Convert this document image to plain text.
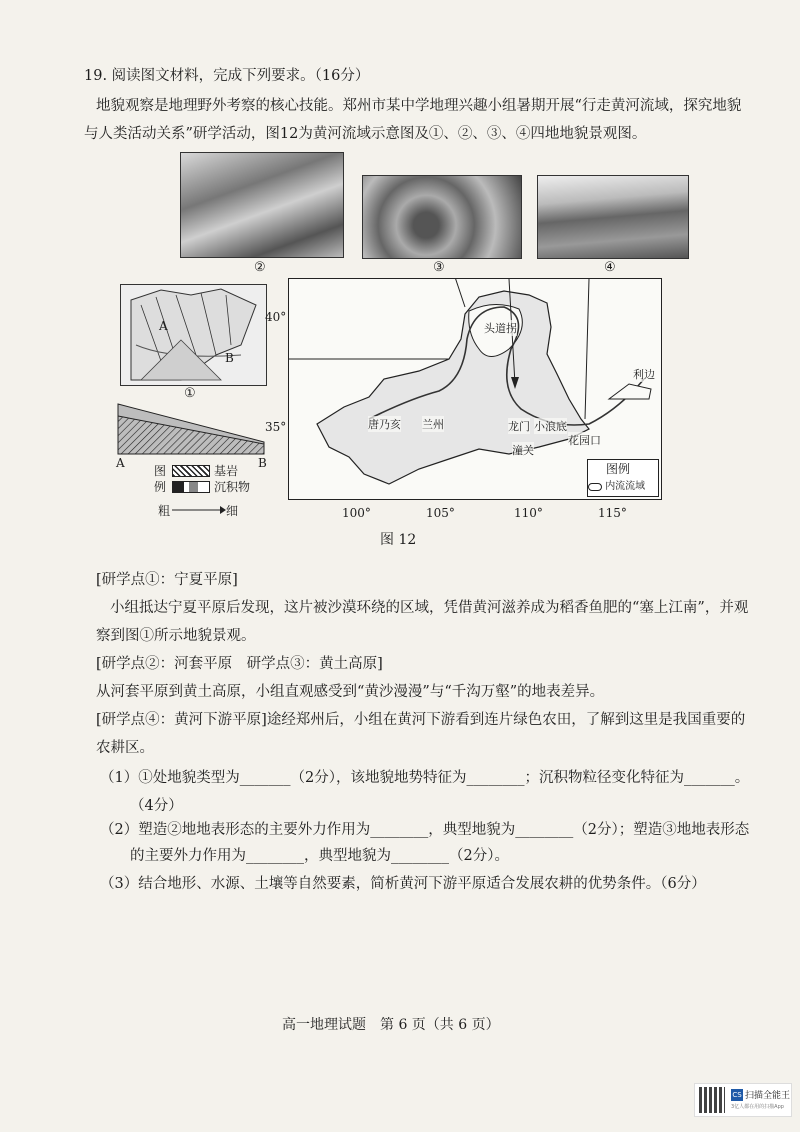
19. 阅读图文材料，完成下列要求。（16分）
地貌观察是地理野外考察的核心技能。郑州市某中学地理兴趣小组暑期开展“行走黄河流域，探究地貌
与人类活动关系”研学活动，图12为黄河流域示意图及①、②、③、④四地地貌景观图。
②	③	④
A
B
①
A	B
图
例
基岩
沉积物
粗	细
图例
内流流域
头道拐
利边
唐乃亥 兰州	龙门 小浪底
潼关
花园口
40°
35°
100°	105°	110°	115°
图 12
[研学点①：宁夏平原]
小组抵达宁夏平原后发现，这片被沙漠环绕的区域，凭借黄河滋养成为稻香鱼肥的“塞上江南”，并观
察到图①所示地貌景观。
[研学点②：河套平原　研学点③：黄土高原]
从河套平原到黄土高原，小组直观感受到“黄沙漫漫”与“千沟万壑”的地表差异。
[研学点④：黄河下游平原]途经郑州后，小组在黄河下游看到连片绿色农田，了解到这里是我国重要的
农耕区。
（1）①处地貌类型为_______（2分），该地貌地势特征为________；沉积物粒径变化特征为_______。
（4分）
（2）塑造②地地表形态的主要外力作用为________，典型地貌为________（2分）；塑造③地地表形态
的主要外力作用为________，典型地貌为________（2分）。
（3）结合地形、水源、土壤等自然要素，简析黄河下游平原适合发展农耕的优势条件。（6分）
高一地理试题　第 6 页（共 6 页）
CS 扫描全能王
3亿人都在用的扫描App
